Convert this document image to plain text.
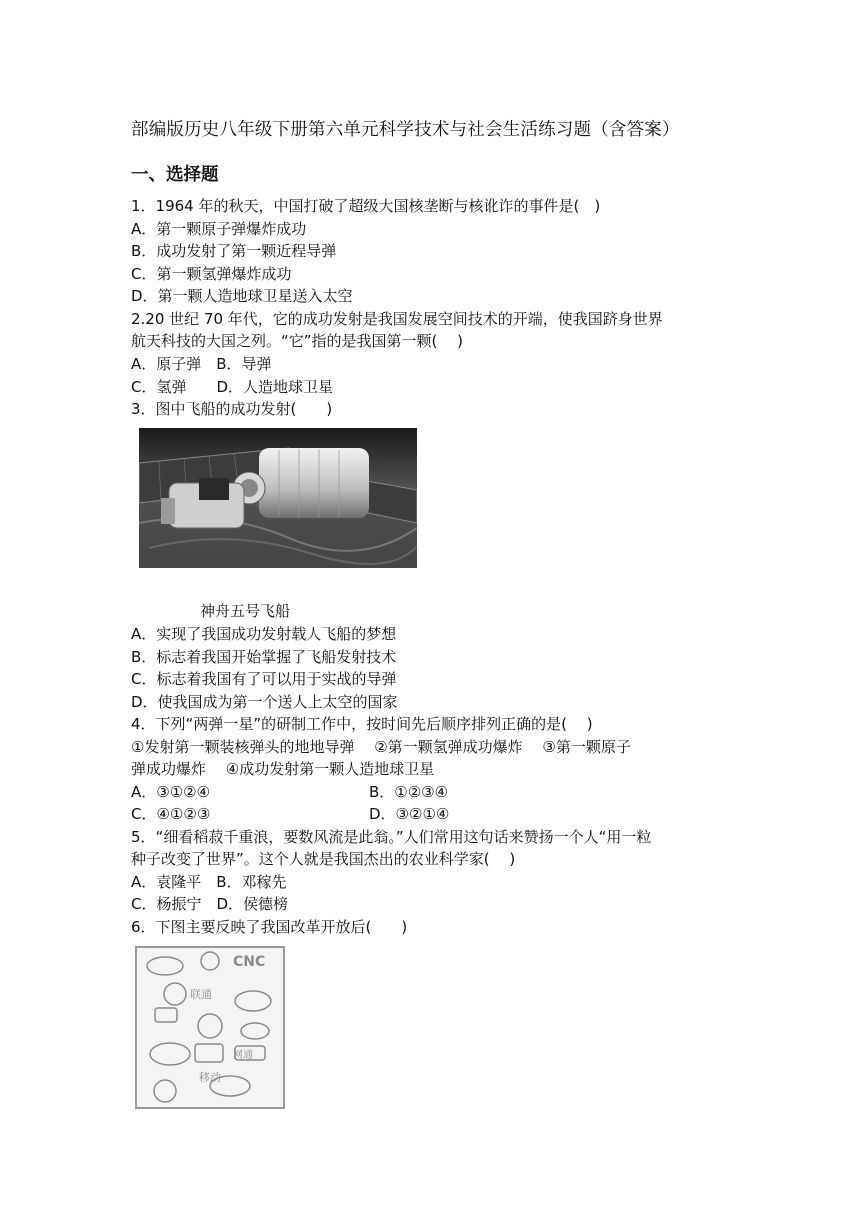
部编版历史八年级下册第六单元科学技术与社会生活练习题（含答案）
一、选择题
1．1964 年的秋天，中国打破了超级大国核垄断与核讹诈的事件是(　)
A．第一颗原子弹爆炸成功
B．成功发射了第一颗近程导弹
C．第一颗氢弹爆炸成功
D．第一颗人造地球卫星送入太空
2.20 世纪 70 年代，它的成功发射是我国发展空间技术的开端，使我国跻身世界
航天科技的大国之列。“它”指的是我国第一颗(　 )
A．原子弹　B．导弹
C．氢弹　　D．人造地球卫星
3．图中飞船的成功发射(　　)
神舟五号飞船
A．实现了我国成功发射载人飞船的梦想
B．标志着我国开始掌握了飞船发射技术
C．标志着我国有了可以用于实战的导弹
D．使我国成为第一个送人上太空的国家
4．下列“两弹一星”的研制工作中，按时间先后顺序排列正确的是(　 )
①发射第一颗装核弹头的地地导弹　 ②第一颗氢弹成功爆炸　 ③第一颗原子
弹成功爆炸　 ④成功发射第一颗人造地球卫星
A．③①②④	B．①②③④
C．④①②③	D．③②①④
5．“细看稻菽千重浪，要数风流是此翁。”人们常用这句话来赞扬一个人“用一粒
种子改变了世界”。这个人就是我国杰出的农业科学家(　 )
A．袁隆平　B．邓稼先
C．杨振宁　D．侯德榜
6．下图主要反映了我国改革开放后(　　)
CNC
联通
移动
网通
